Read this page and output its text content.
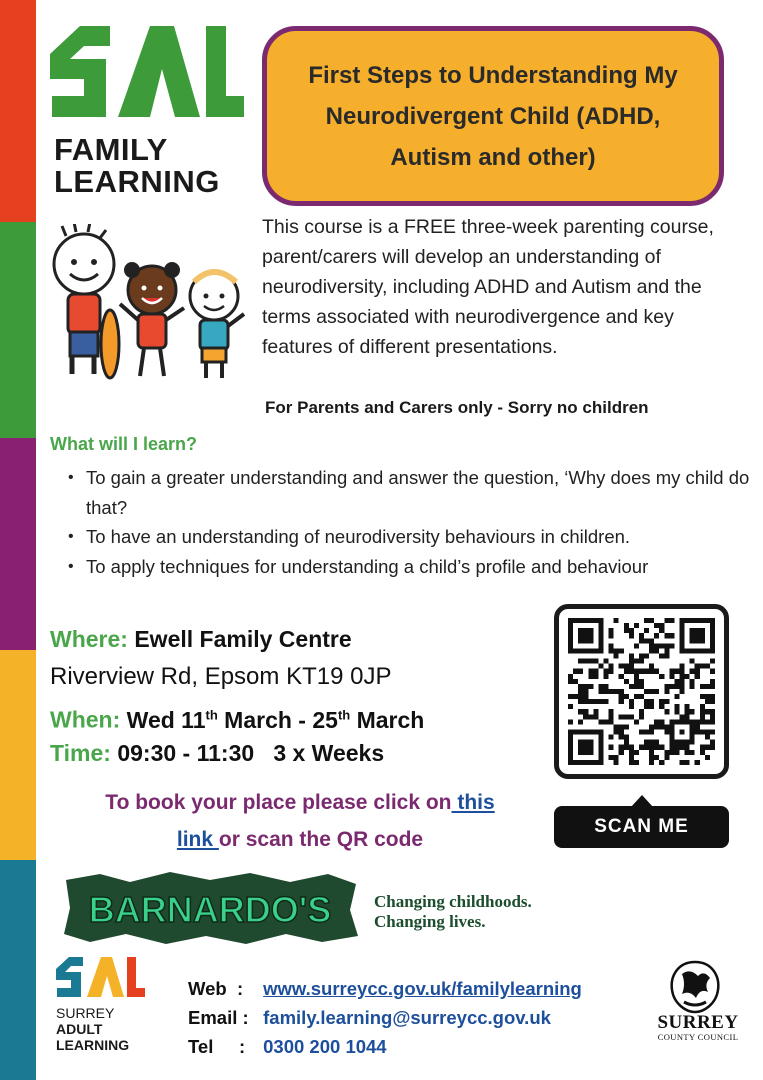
FAMILY
LEARNING
First Steps to Understanding My Neurodivergent Child (ADHD, Autism and other)

This course is a FREE three-week parenting course, parent/carers will develop an understanding of neurodiversity, including ADHD and Autism and the terms associated with neurodivergence and key features of different presentations.

For Parents and Carers only - Sorry no children

What will I learn?
• To gain a greater understanding and answer the question, ‘Why does my child do that?
• To have an understanding of neurodiversity behaviours in children.
• To apply techniques for understanding a child’s profile and behaviour
Where: Ewell Family Centre
Riverview Rd, Epsom KT19 0JP
When: Wed 11th March - 25th March
Time: 09:30 - 11:30   3 x Weeks
To book your place please click on this
link or scan the QR code
SCAN ME
BARNARDO'S	Changing childhoods.
Changing lives.
SURREY
ADULT
LEARNING
Web  : www.surreycc.gov.uk/familylearning
Email : family.learning@surreycc.gov.uk
Tel     : 0300 200 1044
SURREY
COUNTY COUNCIL
